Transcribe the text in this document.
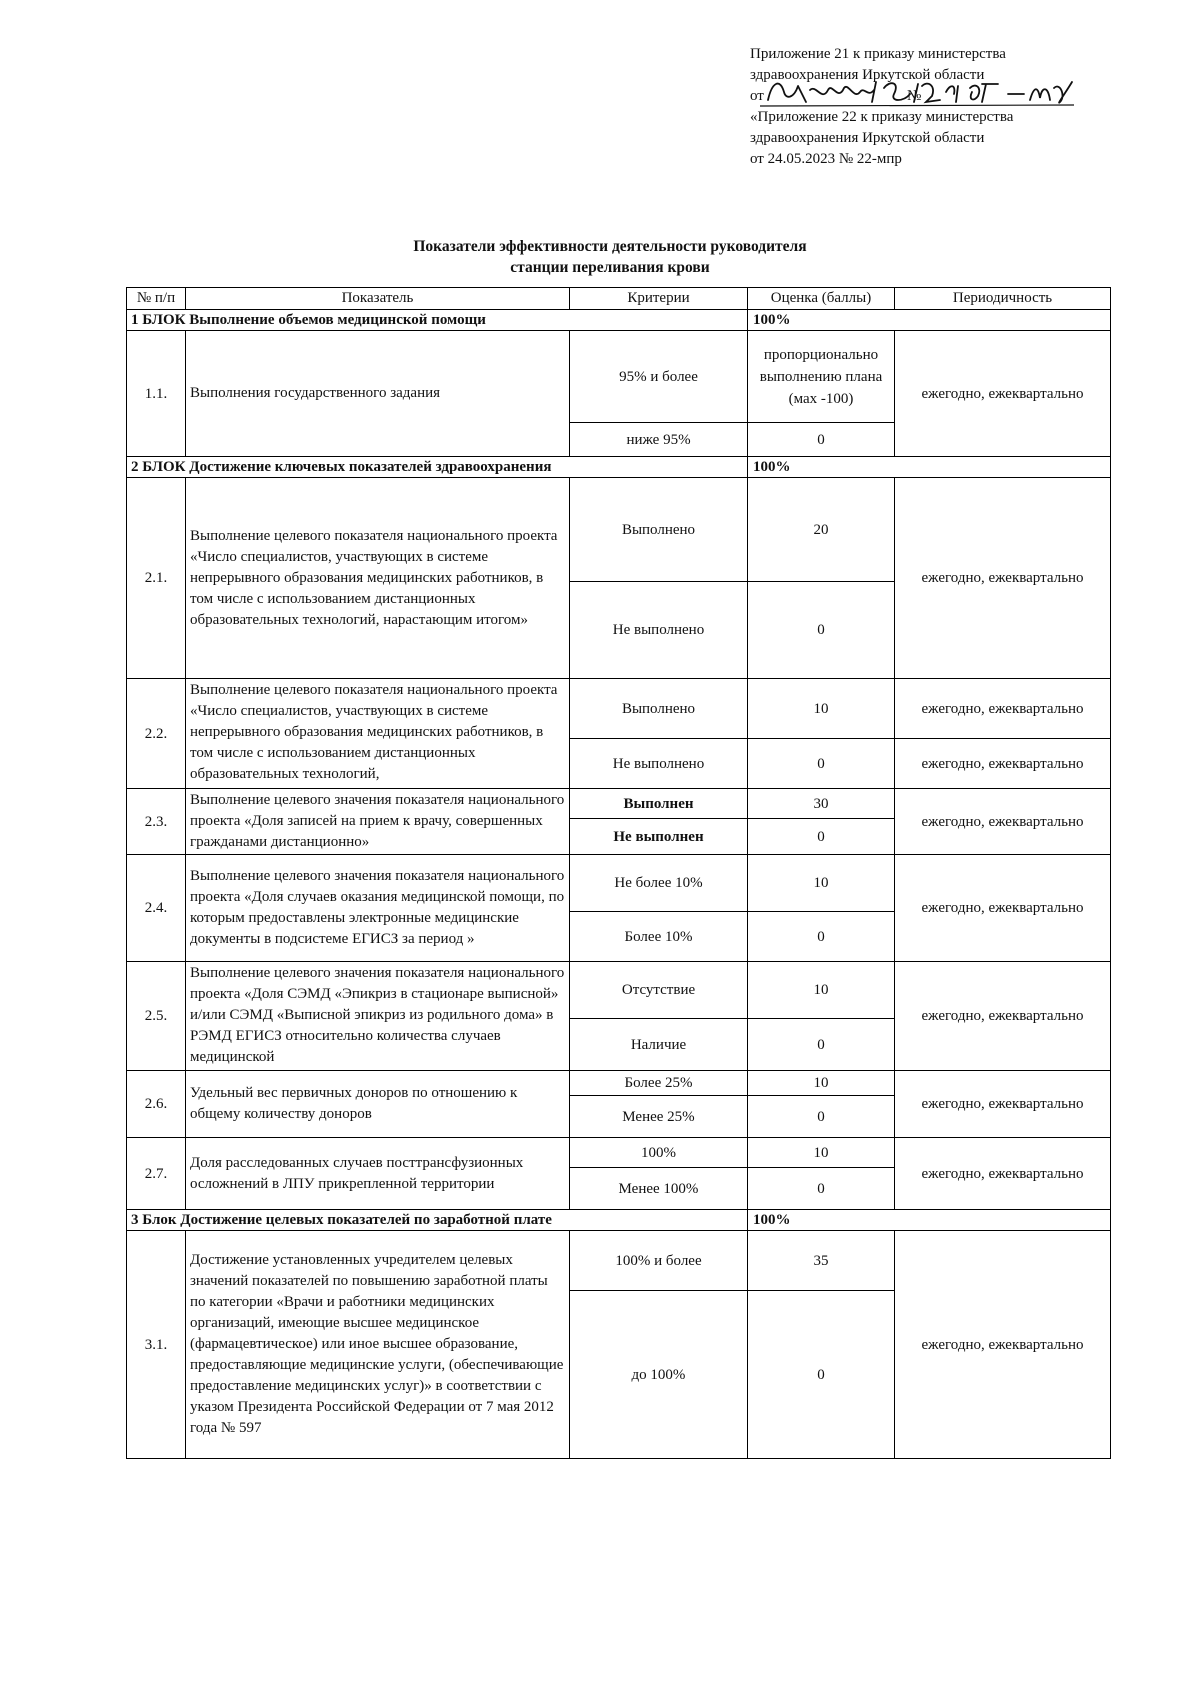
Приложение 21 к приказу министерства
здравоохранения Иркутской области
от	№
«Приложение 22 к приказу министерства
здравоохранения Иркутской области
от 24.05.2023 № 22-мпр
Показатели эффективности деятельности руководителя
станции переливания крови
№ п/п	Показатель	Критерии	Оценка (баллы)	Периодичность
1 БЛОК Выполнение объемов медицинской помощи			100%	
1.1.	Выполнения государственного задания	95% и более	пропорционально выполнению плана (мах -100)	ежегодно, ежеквартально
		ниже 95%	0	
2 БЛОК Достижение ключевых показателей здравоохранения			100%	
2.1.	Выполнение целевого показателя национального проекта «Число специалистов, участвующих в системе непрерывного образования медицинских работников, в том числе с использованием дистанционных образовательных технологий, нарастающим итогом»	Выполнено	20	ежегодно, ежеквартально
		Не выполнено	0	
2.2.	Выполнение целевого показателя национального проекта «Число специалистов, участвующих в системе непрерывного образования медицинских работников, в том числе с использованием дистанционных образовательных технологий,	Выполнено	10	ежегодно, ежеквартально
		Не выполнено	0	ежегодно, ежеквартально
2.3.	Выполнение целевого значения показателя национального проекта «Доля записей на прием к врачу, совершенных гражданами дистанционно»	Выполнен	30	ежегодно, ежеквартально
		Не выполнен	0	
2.4.	Выполнение целевого значения показателя национального проекта «Доля случаев оказания медицинской помощи, по которым предоставлены электронные медицинские документы в подсистеме ЕГИСЗ за период »	Не более 10%	10	ежегодно, ежеквартально
		Более 10%	0	
2.5.	Выполнение целевого значения показателя национального проекта «Доля СЭМД «Эпикриз в стационаре выписной» и/или СЭМД «Выписной эпикриз из родильного дома» в РЭМД ЕГИСЗ относительно количества случаев медицинской	Отсутствие	10	ежегодно, ежеквартально
		Наличие	0	
2.6.	Удельный вес первичных доноров по отношению к общему количеству доноров	Более 25%	10	ежегодно, ежеквартально
		Менее 25%	0	
2.7.	Доля расследованных случаев посттрансфузионных осложнений в ЛПУ прикрепленной территории	100%	10	ежегодно, ежеквартально
		Менее 100%	0	
3 Блок Достижение целевых показателей по заработной плате			100%	
3.1.	Достижение установленных учредителем целевых значений показателей по повышению заработной платы по категории «Врачи и работники медицинских организаций, имеющие высшее медицинское (фармацевтическое) или иное высшее образование, предоставляющие медицинские услуги, (обеспечивающие предоставление медицинских услуг)» в соответствии с указом Президента Российской Федерации от 7 мая 2012 года № 597	100% и более	35	ежегодно, ежеквартально
		до 100%	0	
